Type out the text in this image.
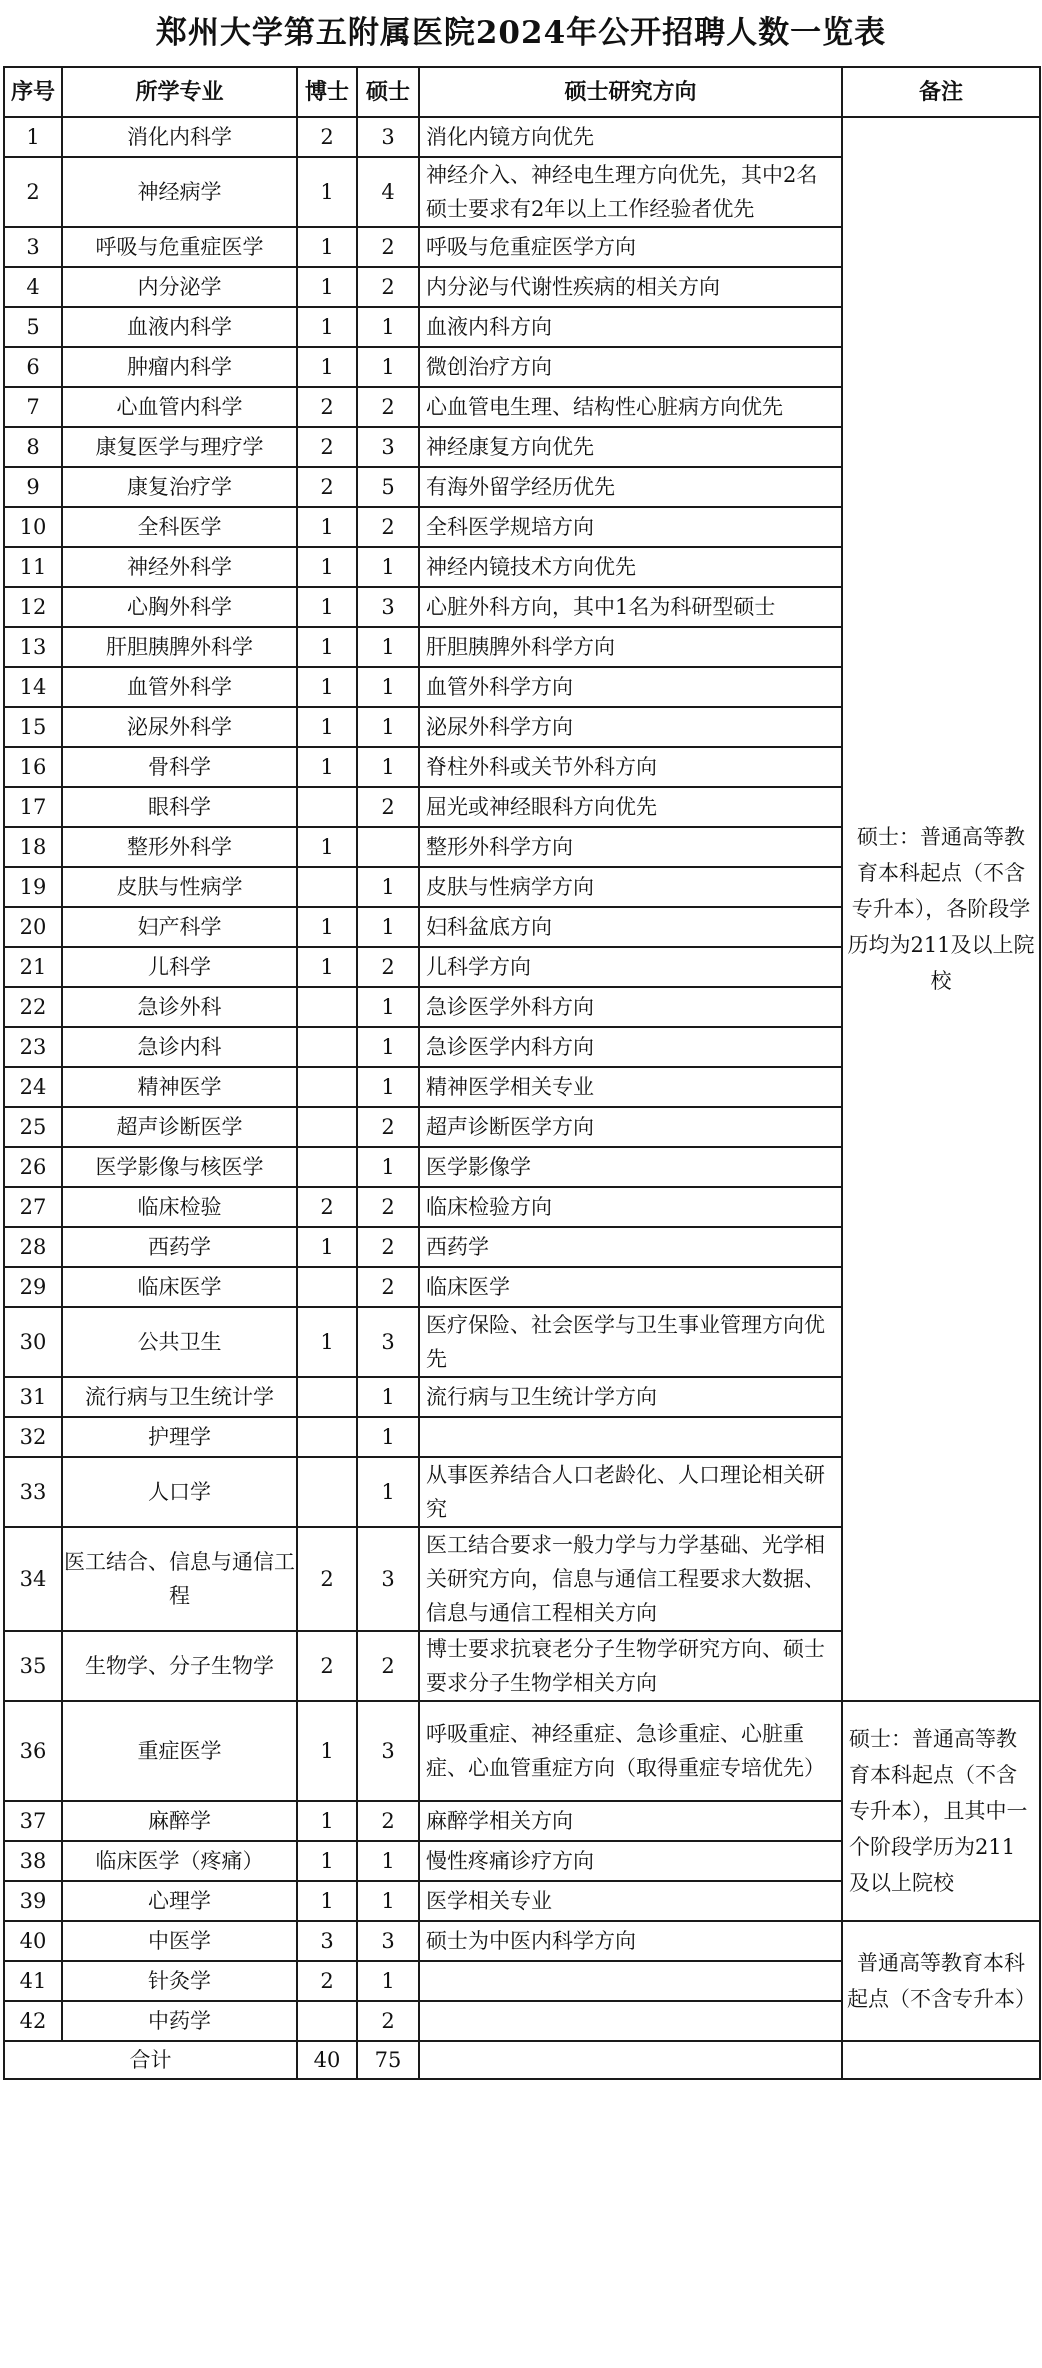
郑州大学第五附属医院2024年公开招聘人数一览表
序号	所学专业	博士	硕士	硕士研究方向	备注
1	消化内科学	2	3	消化内镜方向优先	硕士：普通高等教育本科起点（不含专升本），各阶段学历均为211及以上院校
2	神经病学	1	4	神经介入、神经电生理方向优先，其中2名硕士要求有2年以上工作经验者优先	
3	呼吸与危重症医学	1	2	呼吸与危重症医学方向	
4	内分泌学	1	2	内分泌与代谢性疾病的相关方向	
5	血液内科学	1	1	血液内科方向	
6	肿瘤内科学	1	1	微创治疗方向	
7	心血管内科学	2	2	心血管电生理、结构性心脏病方向优先	
8	康复医学与理疗学	2	3	神经康复方向优先	
9	康复治疗学	2	5	有海外留学经历优先	
10	全科医学	1	2	全科医学规培方向	
11	神经外科学	1	1	神经内镜技术方向优先	
12	心胸外科学	1	3	心脏外科方向，其中1名为科研型硕士	
13	肝胆胰脾外科学	1	1	肝胆胰脾外科学方向	
14	血管外科学	1	1	血管外科学方向	
15	泌尿外科学	1	1	泌尿外科学方向	
16	骨科学	1	1	脊柱外科或关节外科方向	
17	眼科学		2	屈光或神经眼科方向优先	
18	整形外科学	1		整形外科学方向	
19	皮肤与性病学		1	皮肤与性病学方向	
20	妇产科学	1	1	妇科盆底方向	
21	儿科学	1	2	儿科学方向	
22	急诊外科		1	急诊医学外科方向	
23	急诊内科		1	急诊医学内科方向	
24	精神医学		1	精神医学相关专业	
25	超声诊断医学		2	超声诊断医学方向	
26	医学影像与核医学		1	医学影像学	
27	临床检验	2	2	临床检验方向	
28	西药学	1	2	西药学	
29	临床医学		2	临床医学	
30	公共卫生	1	3	医疗保险、社会医学与卫生事业管理方向优先	
31	流行病与卫生统计学		1	流行病与卫生统计学方向	
32	护理学		1		
33	人口学		1	从事医养结合人口老龄化、人口理论相关研究	
34	医工结合、信息与通信工程	2	3	医工结合要求一般力学与力学基础、光学相关研究方向，信息与通信工程要求大数据、信息与通信工程相关方向	
35	生物学、分子生物学	2	2	博士要求抗衰老分子生物学研究方向、硕士要求分子生物学相关方向	
36	重症医学	1	3	呼吸重症、神经重症、急诊重症、心脏重症、心血管重症方向（取得重症专培优先）	硕士：普通高等教育本科起点（不含专升本），且其中一个阶段学历为211及以上院校
37	麻醉学	1	2	麻醉学相关方向	
38	临床医学（疼痛）	1	1	慢性疼痛诊疗方向	
39	心理学	1	1	医学相关专业	
40	中医学	3	3	硕士为中医内科学方向	普通高等教育本科起点（不含专升本）
41	针灸学	2	1		
42	中药学		2		
合计		40	75		
